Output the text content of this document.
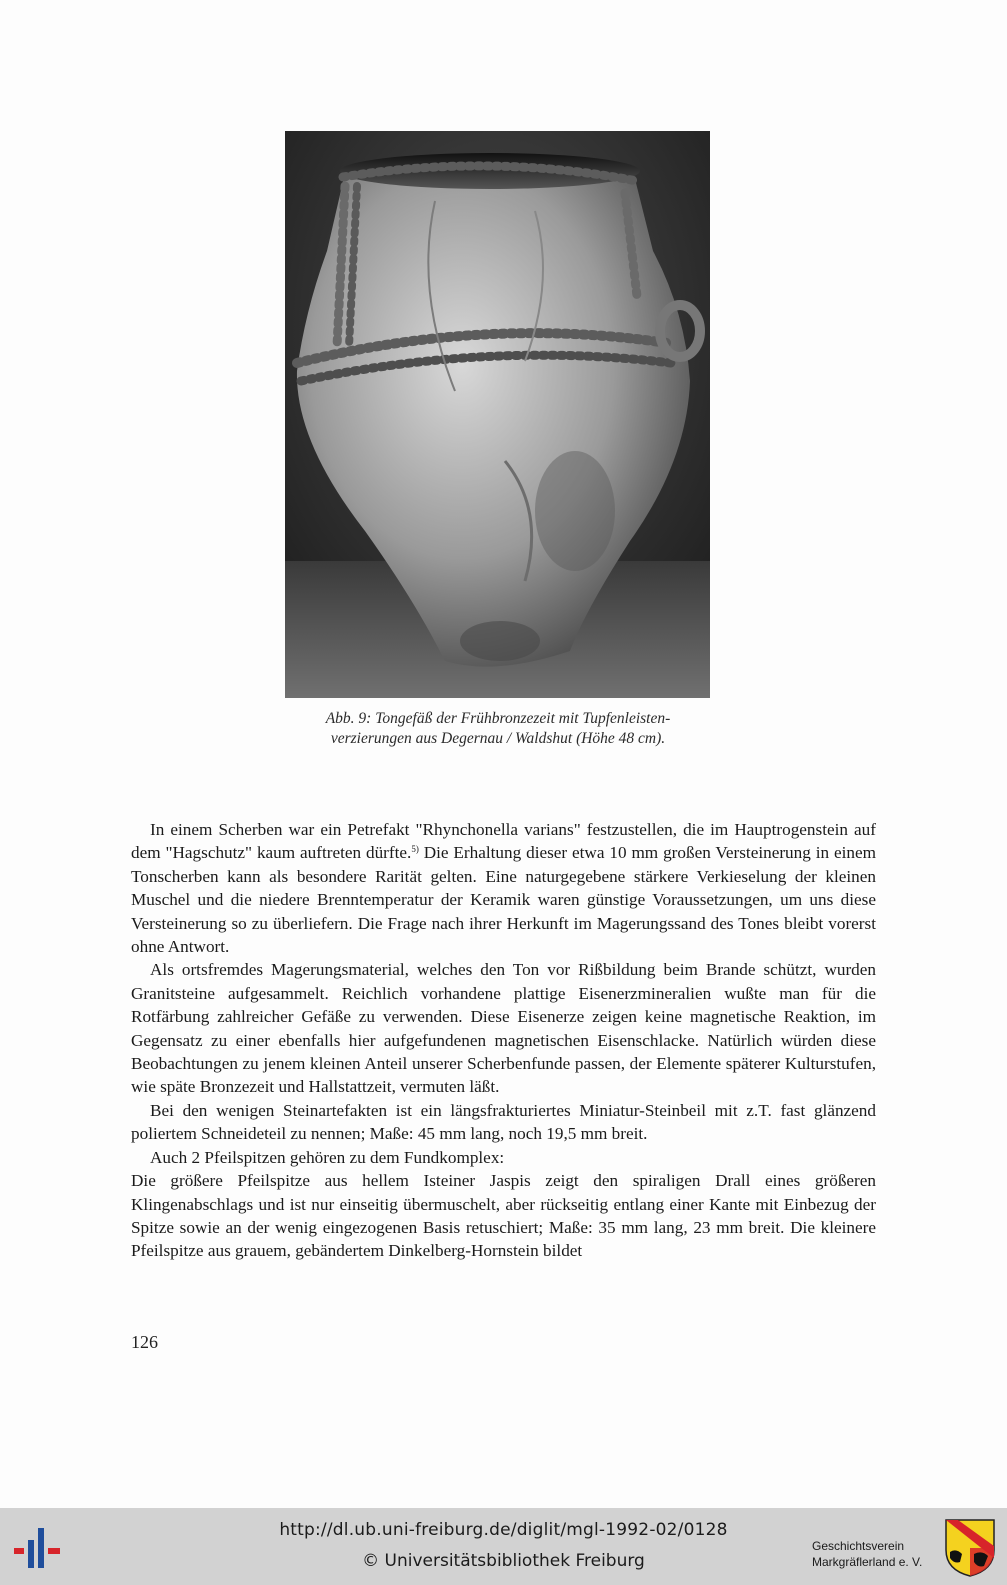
Abb. 9: Tongefäß der Frühbronzezeit mit Tupfenleisten-
verzierungen aus Degernau / Waldshut (Höhe 48 cm).

In einem Scherben war ein Petrefakt "Rhynchonella varians" festzustellen, die im Hauptrogenstein auf dem "Hagschutz" kaum auftreten dürfte.$^{5)}$ Die Erhaltung dieser etwa 10 mm großen Versteinerung in einem Tonscherben kann als besondere Rarität gelten. Eine naturgegebene stärkere Verkieselung der kleinen Muschel und die niedere Brenntemperatur der Keramik waren günstige Voraussetzungen, um uns diese Versteinerung so zu überliefern. Die Frage nach ihrer Herkunft im Magerungssand des Tones bleibt vorerst ohne Antwort.

Als ortsfremdes Magerungsmaterial, welches den Ton vor Rißbildung beim Brande schützt, wurden Granitsteine aufgesammelt. Reichlich vorhandene plattige Eisenerzmineralien wußte man für die Rotfärbung zahlreicher Gefäße zu verwenden. Diese Eisenerze zeigen keine magnetische Reaktion, im Gegensatz zu einer ebenfalls hier aufgefundenen magnetischen Eisenschlacke. Natürlich würden diese Beobachtungen zu jenem kleinen Anteil unserer Scherbenfunde passen, der Elemente späterer Kulturstufen, wie späte Bronzezeit und Hallstattzeit, vermuten läßt.

Bei den wenigen Steinartefakten ist ein längsfrakturiertes Miniatur-Steinbeil mit z.T. fast glänzend poliertem Schneideteil zu nennen; Maße: 45 mm lang, noch 19,5 mm breit.

Auch 2 Pfeilspitzen gehören zu dem Fundkomplex:

Die größere Pfeilspitze aus hellem Isteiner Jaspis zeigt den spiraligen Drall eines größeren Klingenabschlags und ist nur einseitig übermuschelt, aber rückseitig entlang einer Kante mit Einbezug der Spitze sowie an der wenig eingezogenen Basis retuschiert; Maße: 35 mm lang, 23 mm breit. Die kleinere Pfeilspitze aus grauem, gebändertem Dinkelberg-Hornstein bildet

126
http://dl.ub.uni-freiburg.de/diglit/mgl-1992-02/0128
© Universitätsbibliothek Freiburg
Geschichtsverein
Markgräflerland e. V.
